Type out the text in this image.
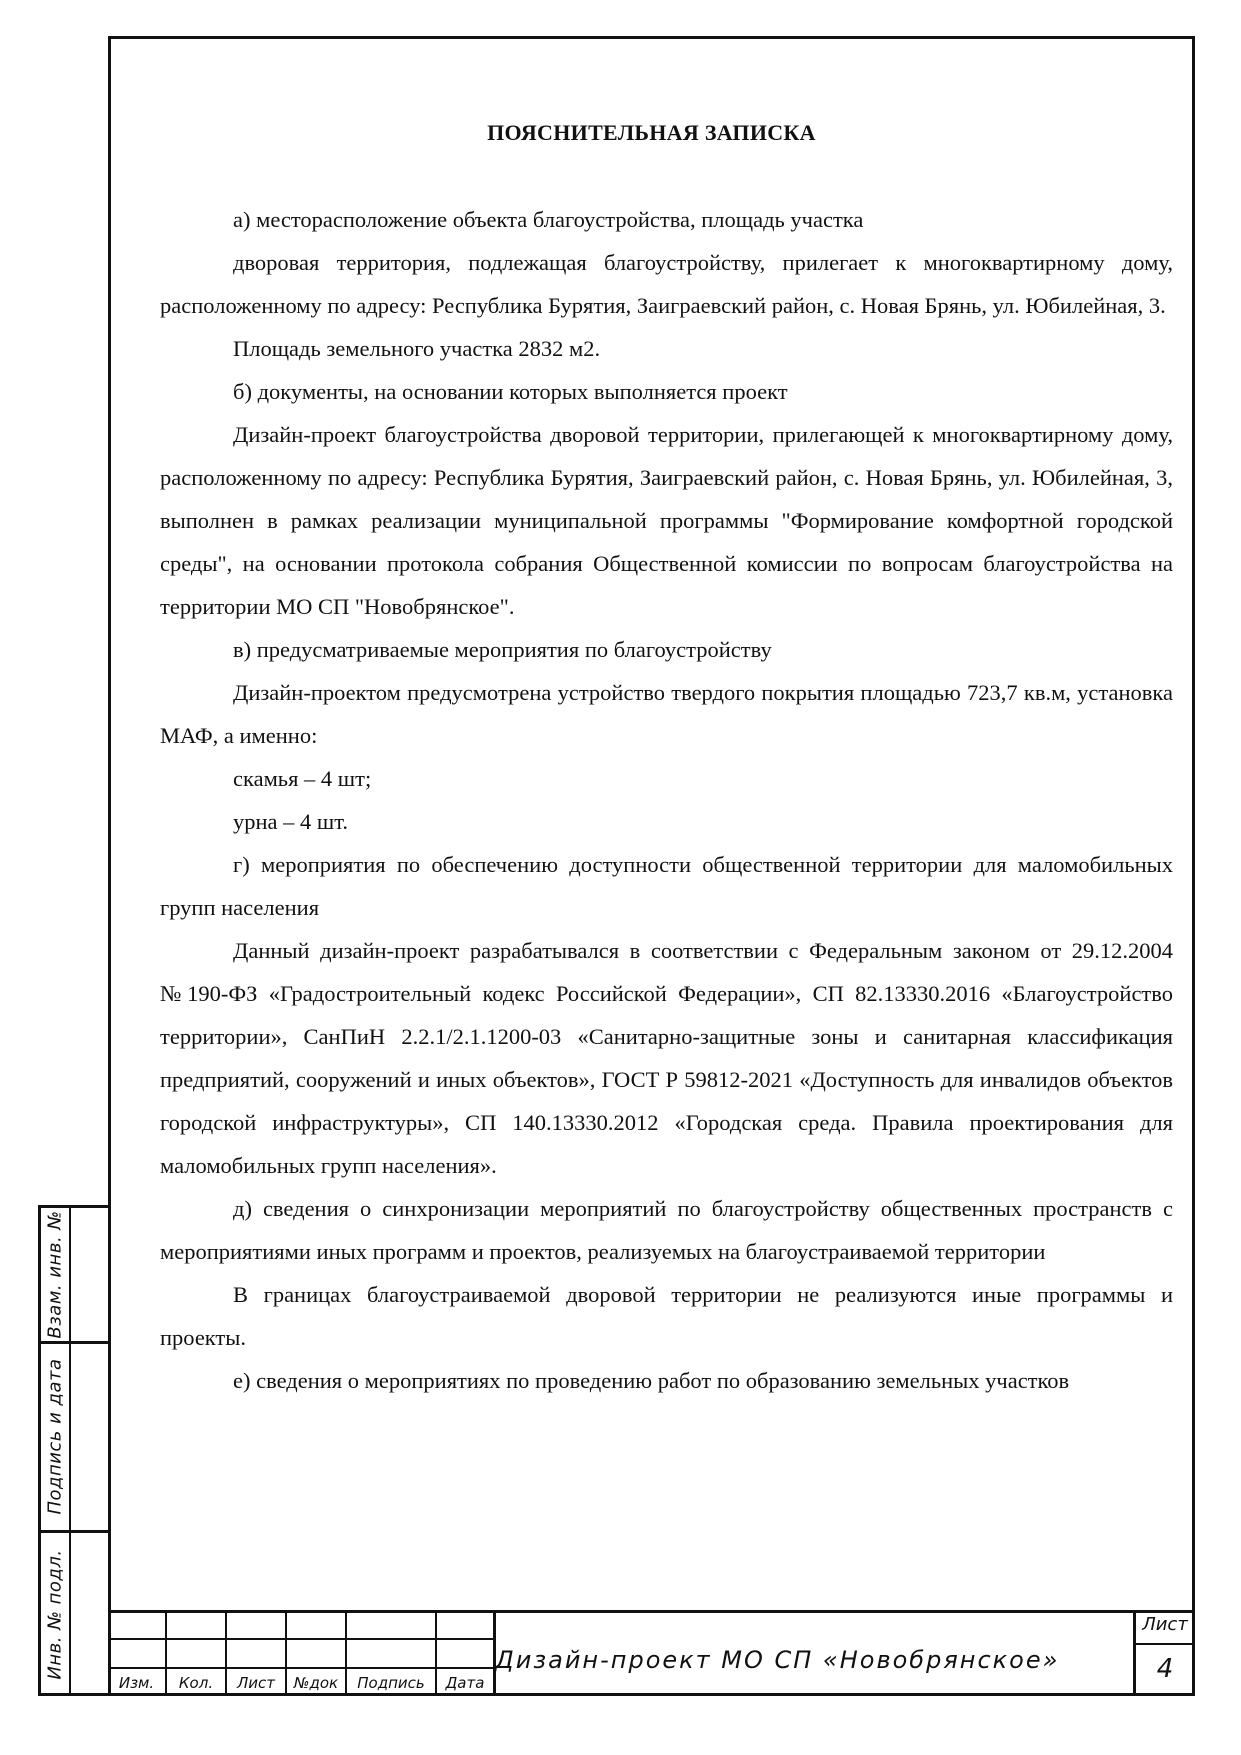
Взам. инв. №
Подпись и дата
Инв. № подл.
ПОЯСНИТЕЛЬНАЯ ЗАПИСКА

а) месторасположение объекта благоустройства, площадь участка

дворовая территория, подлежащая благоустройству, прилегает к многоквартирному дому, расположенному по адресу: Республика Бурятия, Заиграевский район, с. Новая Брянь, ул. Юбилейная, 3.

Площадь земельного участка 2832 м2.

б) документы, на основании которых выполняется проект

Дизайн-проект благоустройства дворовой территории, прилегающей к многоквартирному дому, расположенному по адресу: Республика Бурятия, Заиграевский район, с. Новая Брянь, ул. Юбилейная, 3, выполнен в рамках реализации муниципальной программы "Формирование комфортной городской среды", на основании протокола собрания Общественной комиссии по вопросам благоустройства на территории МО СП "Новобрянское".

в) предусматриваемые мероприятия по благоустройству

Дизайн-проектом предусмотрена устройство твердого покрытия площадью 723,7 кв.м, установка МАФ, а именно:

скамья – 4 шт;

урна – 4 шт.

г) мероприятия по обеспечению доступности общественной территории для маломобильных групп населения

Данный дизайн-проект разрабатывался в соответствии с Федеральным законом от 29.12.2004 №190-ФЗ «Градостроительный кодекс Российской Федерации», СП 82.13330.2016 «Благоустройство территории», СанПиН 2.2.1/2.1.1200-03 «Санитарно-защитные зоны и санитарная классификация предприятий, сооружений и иных объектов», ГОСТ Р 59812-2021 «Доступность для инвалидов объектов городской инфраструктуры», СП 140.13330.2012 «Городская среда. Правила проектирования для маломобильных групп населения».

д) сведения о синхронизации мероприятий по благоустройству общественных пространств с мероприятиями иных программ и проектов, реализуемых на благоустраиваемой территории

В границах благоустраиваемой дворовой территории не реализуются иные программы и проекты.

е) сведения о мероприятиях по проведению работ по образованию земельных участков

Изм.	Кол.	Лист	№док	Подпись	Дата
Дизайн-проект МО СП «Новобрянское»
Лист
4
